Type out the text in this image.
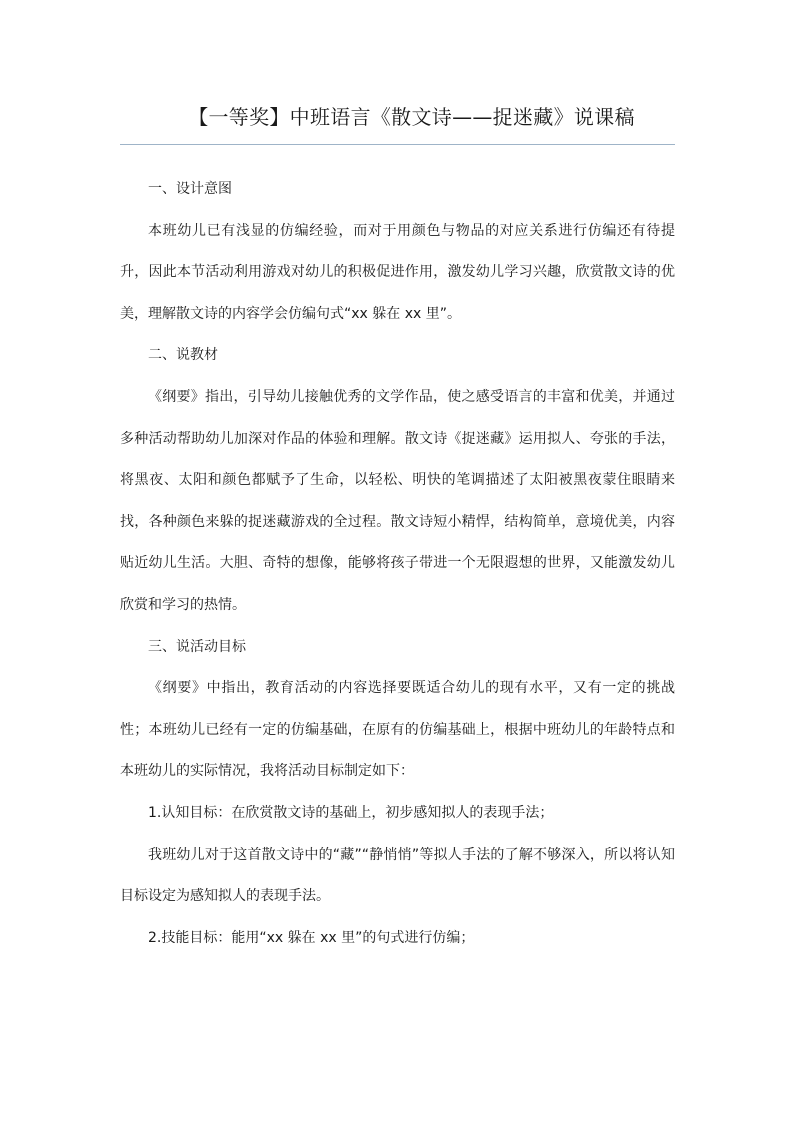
【一等奖】中班语言《散文诗——捉迷藏》说课稿

一、设计意图

本班幼儿已有浅显的仿编经验，而对于用颜色与物品的对应关系进行仿编还有待提升，因此本节活动利用游戏对幼儿的积极促进作用，激发幼儿学习兴趣，欣赏散文诗的优美，理解散文诗的内容学会仿编句式“xx 躲在 xx 里”。

二、说教材

《纲要》指出，引导幼儿接触优秀的文学作品，使之感受语言的丰富和优美，并通过多种活动帮助幼儿加深对作品的体验和理解。散文诗《捉迷藏》运用拟人、夸张的手法，将黑夜、太阳和颜色都赋予了生命，以轻松、明快的笔调描述了太阳被黑夜蒙住眼睛来找，各种颜色来躲的捉迷藏游戏的全过程。散文诗短小精悍，结构简单，意境优美，内容贴近幼儿生活。大胆、奇特的想像，能够将孩子带进一个无限遐想的世界，又能激发幼儿欣赏和学习的热情。

三、说活动目标

《纲要》中指出，教育活动的内容选择要既适合幼儿的现有水平，又有一定的挑战性；本班幼儿已经有一定的仿编基础，在原有的仿编基础上，根据中班幼儿的年龄特点和本班幼儿的实际情况，我将活动目标制定如下：

1.认知目标：在欣赏散文诗的基础上，初步感知拟人的表现手法；

我班幼儿对于这首散文诗中的“藏”“静悄悄”等拟人手法的了解不够深入，所以将认知目标设定为感知拟人的表现手法。

2.技能目标：能用“xx 躲在 xx 里”的句式进行仿编；
